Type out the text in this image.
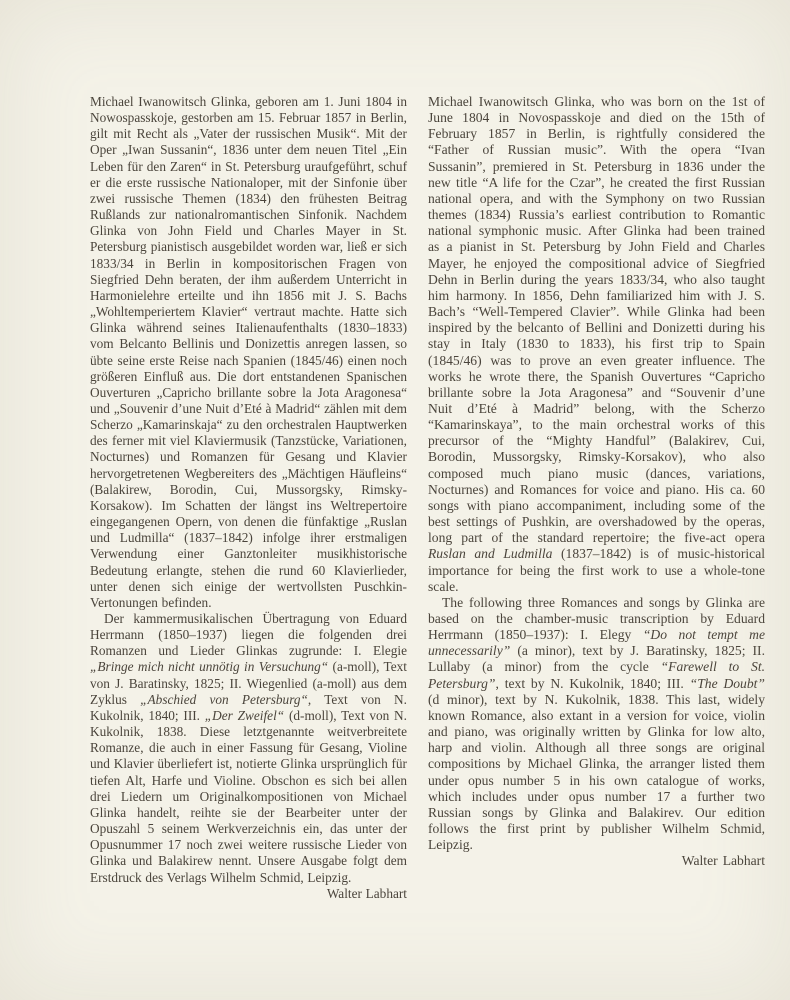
Michael Iwanowitsch Glinka, geboren am 1. Juni 1804 in Nowospasskoje, gestorben am 15. Februar 1857 in Berlin, gilt mit Recht als „Vater der russischen Musik“. Mit der Oper „Iwan Sussanin“, 1836 unter dem neuen Titel „Ein Leben für den Zaren“ in St. Petersburg uraufgeführt, schuf er die erste russische Nationaloper, mit der Sinfonie über zwei russische Themen (1834) den frühesten Beitrag Rußlands zur nationalromantischen Sinfonik. Nachdem Glinka von John Field und Charles Mayer in St. Petersburg pianistisch ausgebildet worden war, ließ er sich 1833/34 in Berlin in kompositorischen Fragen von Siegfried Dehn beraten, der ihm außerdem Unterricht in Harmonielehre erteilte und ihn 1856 mit J. S. Bachs „Wohltemperiertem Klavier“ vertraut machte. Hatte sich Glinka während seines Italienaufenthalts (1830–1833) vom Belcanto Bellinis und Donizettis anregen lassen, so übte seine erste Reise nach Spanien (1845/46) einen noch größeren Einfluß aus. Die dort entstandenen Spanischen Ouverturen „Capricho brillante sobre la Jota Aragonesa“ und „Souvenir d’une Nuit d’Eté à Madrid“ zählen mit dem Scherzo „Kamarinskaja“ zu den orchestralen Hauptwerken des ferner mit viel Klaviermusik (Tanzstücke, Variationen, Nocturnes) und Romanzen für Gesang und Klavier hervorgetretenen Wegbereiters des „Mächtigen Häufleins“ (Balakirew, Borodin, Cui, Mussorgsky, Rimsky-Korsakow). Im Schatten der längst ins Weltrepertoire eingegangenen Opern, von denen die fünfaktige „Ruslan und Ludmilla“ (1837–1842) infolge ihrer erstmaligen Verwendung einer Ganztonleiter musikhistorische Bedeutung erlangte, stehen die rund 60 Klavierlieder, unter denen sich einige der wertvollsten Puschkin-Vertonungen befinden.

Der kammermusikalischen Übertragung von Eduard Herrmann (1850–1937) liegen die folgenden drei Romanzen und Lieder Glinkas zugrunde: I. Elegie „Bringe mich nicht unnötig in Versuchung“ (a-moll), Text von J. Baratinsky, 1825; II. Wiegenlied (a-moll) aus dem Zyklus „Abschied von Petersburg“, Text von N. Kukolnik, 1840; III. „Der Zweifel“ (d-moll), Text von N. Kukolnik, 1838. Diese letztgenannte weitverbreitete Romanze, die auch in einer Fassung für Gesang, Violine und Klavier überliefert ist, notierte Glinka ursprünglich für tiefen Alt, Harfe und Violine. Obschon es sich bei allen drei Liedern um Originalkompositionen von Michael Glinka handelt, reihte sie der Bearbeiter unter der Opuszahl 5 seinem Werkverzeichnis ein, das unter der Opusnummer 17 noch zwei weitere russische Lieder von Glinka und Balakirew nennt. Unsere Ausgabe folgt dem Erstdruck des Verlags Wilhelm Schmid, Leipzig.
Walter Labhart

Michael Iwanowitsch Glinka, who was born on the 1st of June 1804 in Novospasskoje and died on the 15th of February 1857 in Berlin, is rightfully considered the “Father of Russian music”. With the opera “Ivan Sussanin”, premiered in St. Petersburg in 1836 under the new title “A life for the Czar”, he created the first Russian national opera, and with the Symphony on two Russian themes (1834) Russia’s earliest contribution to Romantic national symphonic music. After Glinka had been trained as a pianist in St. Petersburg by John Field and Charles Mayer, he enjoyed the compositional advice of Siegfried Dehn in Berlin during the years 1833/34, who also taught him harmony. In 1856, Dehn familiarized him with J. S. Bach’s “Well-Tempered Clavier”. While Glinka had been inspired by the belcanto of Bellini and Donizetti during his stay in Italy (1830 to 1833), his first trip to Spain (1845/46) was to prove an even greater influence. The works he wrote there, the Spanish Ouvertures “Capricho brillante sobre la Jota Aragonesa” and “Souvenir d’une Nuit d’Eté à Madrid” belong, with the Scherzo “Kamarinskaya”, to the main orchestral works of this precursor of the “Mighty Handful” (Balakirev, Cui, Borodin, Mussorgsky, Rimsky-Korsakov), who also composed much piano music (dances, variations, Nocturnes) and Romances for voice and piano. His ca. 60 songs with piano accompaniment, including some of the best settings of Pushkin, are overshadowed by the operas, long part of the standard repertoire; the five-act opera Ruslan and Ludmilla (1837–1842) is of music-historical importance for being the first work to use a whole-tone scale.

The following three Romances and songs by Glinka are based on the chamber-music transcription by Eduard Herrmann (1850–1937): I. Elegy “Do not tempt me unnecessarily” (a minor), text by J. Baratinsky, 1825; II. Lullaby (a minor) from the cycle “Farewell to St. Petersburg”, text by N. Kukolnik, 1840; III. “The Doubt” (d minor), text by N. Kukolnik, 1838. This last, widely known Romance, also extant in a version for voice, violin and piano, was originally written by Glinka for low alto, harp and violin. Although all three songs are original compositions by Michael Glinka, the arranger listed them under opus number 5 in his own catalogue of works, which includes under opus number 17 a further two Russian songs by Glinka and Balakirev. Our edition follows the first print by publisher Wilhelm Schmid, Leipzig.

Walter Labhart
